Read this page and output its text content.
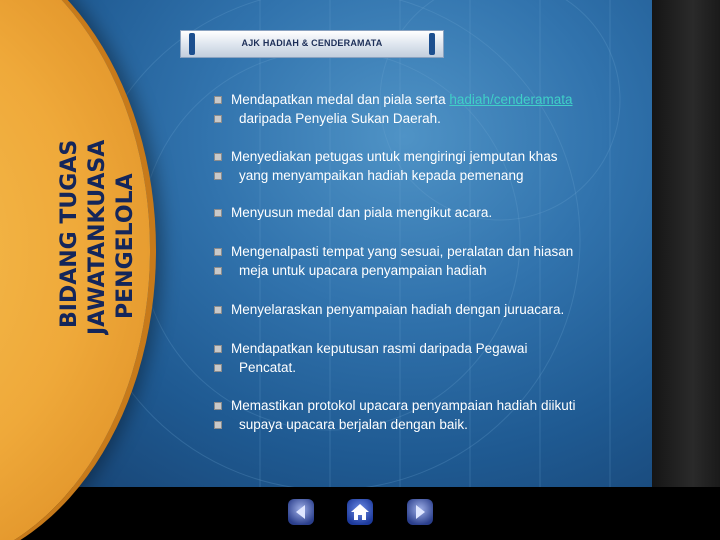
BIDANG TUGAS JAWATANKUASA PENGELOLA
AJK HADIAH & CENDERAMATA
Mendapatkan medal dan piala serta hadiah/cenderamata
daripada Penyelia Sukan Daerah.
Menyediakan petugas untuk mengiringi jemputan khas
yang menyampaikan hadiah kepada pemenang
Menyusun medal dan piala mengikut acara.
Mengenalpasti tempat yang sesuai, peralatan dan hiasan
meja untuk upacara penyampaian hadiah
Menyelaraskan penyampaian hadiah dengan juruacara.
Mendapatkan keputusan rasmi daripada Pegawai
Pencatat.
Memastikan protokol upacara penyampaian hadiah diikuti
supaya upacara berjalan dengan baik.
